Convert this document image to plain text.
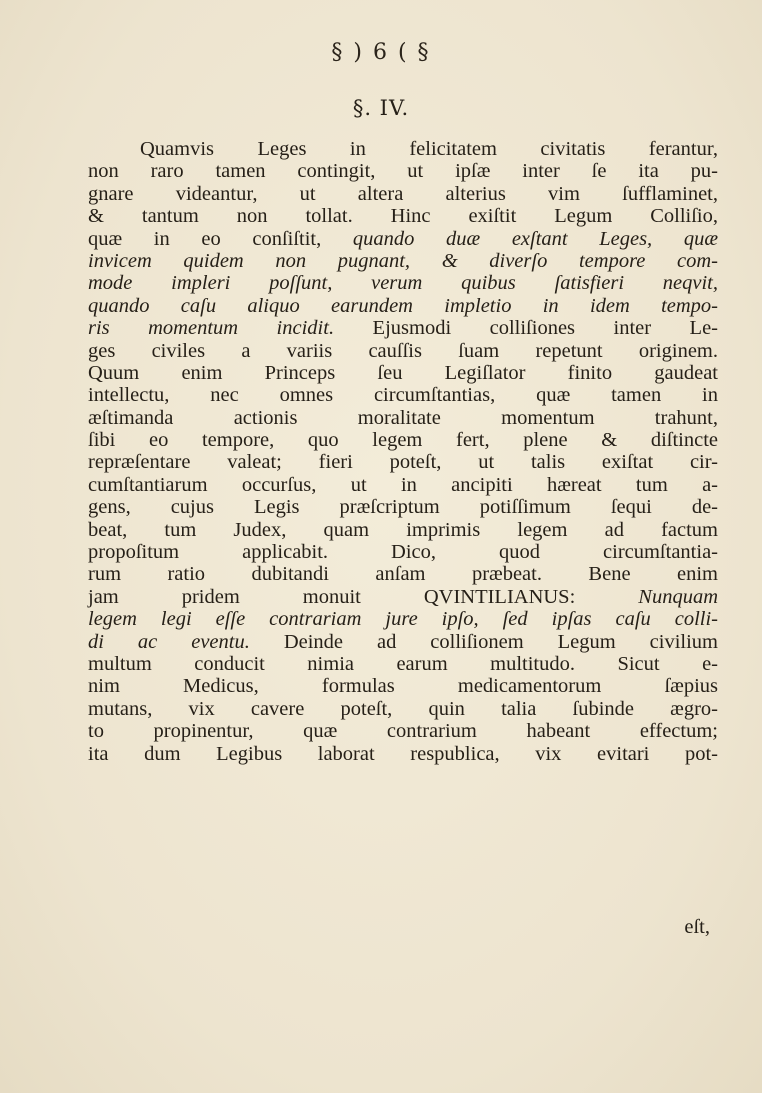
§ ) 6 ( §
§. IV.
Quamvis Leges in felicitatem civitatis ferantur,
non raro tamen contingit, ut ipſæ inter ſe ita pu-
gnare videantur, ut altera alterius vim ſufflaminet,
& tantum non tollat. Hinc exiſtit Legum Colliſio,
quæ in eo conſiſtit, quando duæ exſtant Leges, quæ
invicem quidem non pugnant, & diverſo tempore com-
mode impleri poſſunt, verum quibus ſatisfieri neqvit,
quando caſu aliquo earundem impletio in idem tempo-
ris momentum incidit. Ejusmodi colliſiones inter Le-
ges civiles a variis cauſſis ſuam repetunt originem.
Quum enim Princeps ſeu Legiſlator finito gaudeat
intellectu, nec omnes circumſtantias, quæ tamen in
æſtimanda actionis moralitate momentum trahunt,
ſibi eo tempore, quo legem fert, plene & diſtincte
repræſentare valeat; fieri poteſt, ut talis exiſtat cir-
cumſtantiarum occurſus, ut in ancipiti hæreat tum a-
gens, cujus Legis præſcriptum potiſſimum ſequi de-
beat, tum Judex, quam imprimis legem ad factum
propoſitum applicabit. Dico, quod circumſtantia-
rum ratio dubitandi anſam præbeat. Bene enim
jam pridem monuit QVINTILIANUS: Nunquam
legem legi eſſe contrariam jure ipſo, ſed ipſas caſu colli-
di ac eventu. Deinde ad colliſionem Legum civilium
multum conducit nimia earum multitudo. Sicut e-
nim Medicus, formulas medicamentorum ſæpius
mutans, vix cavere poteſt, quin talia ſubinde ægro-
to propinentur, quæ contrarium habeant effectum;
ita dum Legibus laborat respublica, vix evitari pot-
eſt,
